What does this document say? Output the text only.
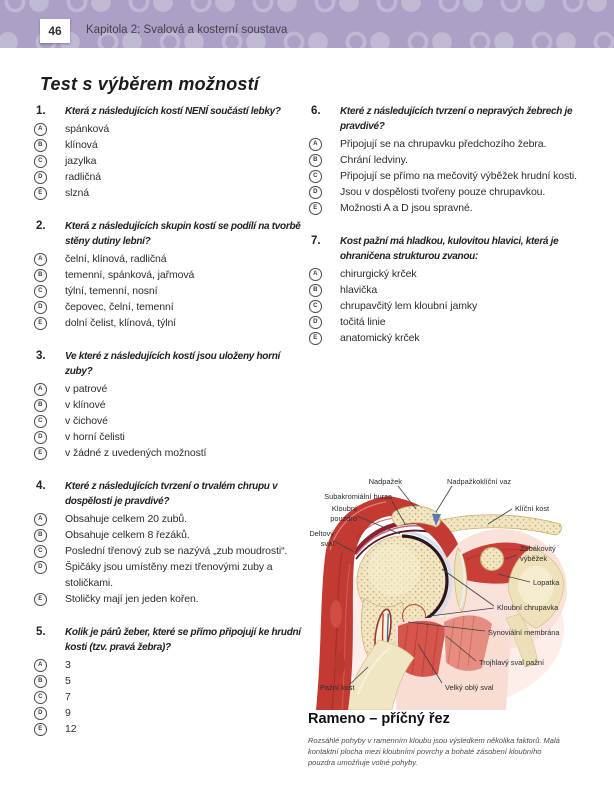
46	Kapitola 2: Svalová a kosterní soustava
Test s výběrem možností
1.	Která z následujících kostí NENÍ součástí lebky?
A	spánková
B	klínová
C	jazylka
D	radličná
E	slzná
2.	Která z následujících skupin kostí se podílí na tvorbě stěny dutiny lební?
A	čelní, klínová, radličná
B	temenní, spánková, jařmová
C	týlní, temenní, nosní
D	čepovec, čelní, temenní
E	dolní čelist, klínová, týlní
3.	Ve které z následujících kostí jsou uloženy horní zuby?
A	v patrové
B	v klínové
C	v čichové
D	v horní čelisti
E	v žádné z uvedených možností
4.	Které z následujících tvrzení o trvalém chrupu v dospělosti je pravdivé?
A	Obsahuje celkem 20 zubů.
B	Obsahuje celkem 8 řezáků.
C	Poslední třenový zub se nazývá „zub moudrosti“.
D	Špičáky jsou umístěny mezi třenovými zuby a stoličkami.
E	Stoličky mají jen jeden kořen.
5.	Kolik je párů žeber, které se přímo připojují ke hrudní kosti (tzv. pravá žebra)?
A	3
B	5
C	7
D	9
E	12
6.	Které z následujících tvrzení o nepravých žebrech je pravdivé?
A	Připojují se na chrupavku předchozího žebra.
B	Chrání ledviny.
C	Připojují se přímo na mečovitý výběžek hrudní kosti.
D	Jsou v dospělosti tvořeny pouze chrupavkou.
E	Možnosti A a D jsou spravné.
7.	Kost pažní má hladkou, kulovitou hlavici, která je ohraničena strukturou zvanou:
A	chirurgický krček
B	hlavička
C	chrupavčitý lem kloubní jamky
D	točitá linie
E	anatomický krček
Nadpažek	Nadpažkoklíční vaz
Subakromiální burza
Kloubní
pouzdro
Deltový
sval
Klíční kost
Zobákovitý
výběžek
Lopatka
Kloubní chrupavka
Synoviální membrána
Trojhlavý sval pažní
Velký oblý sval
Pažní kost
Rameno – příčný řez
Rozsáhlé pohyby v ramenním kloubu jsou výsledkem několika faktorů. Malá kontaktní plocha mezi kloubními povrchy a bohaté zásobení kloubního pouzdra umožňuje volné pohyby.
